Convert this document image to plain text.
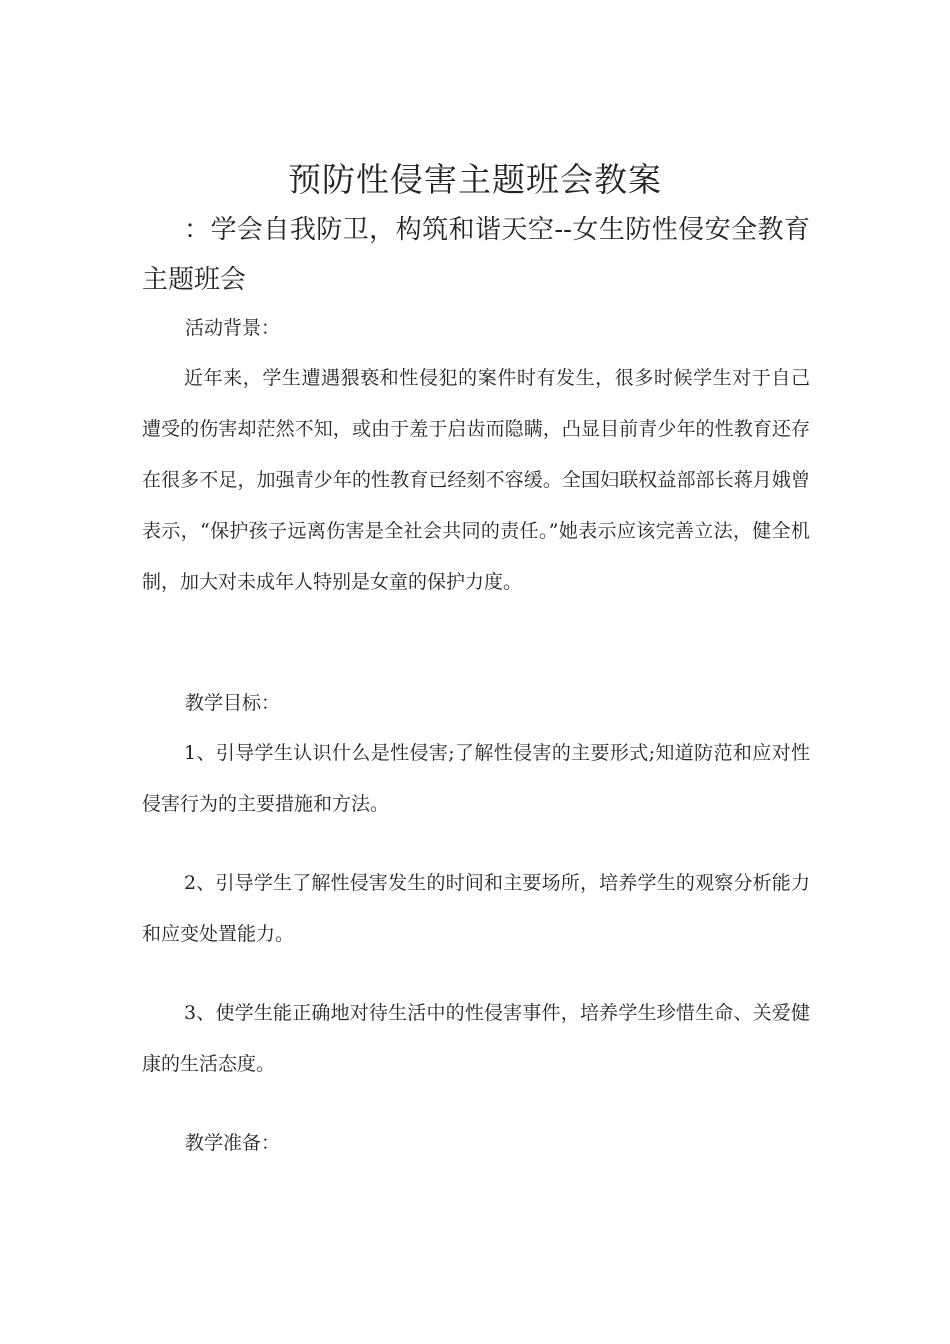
预防性侵害主题班会教案

：学会自我防卫，构筑和谐天空--女生防性侵安全教育主题班会

活动背景：

近年来，学生遭遇猥亵和性侵犯的案件时有发生，很多时候学生对于自己遭受的伤害却茫然不知，或由于羞于启齿而隐瞒，凸显目前青少年的性教育还存在很多不足，加强青少年的性教育已经刻不容缓。全国妇联权益部部长蒋月娥曾表示，“保护孩子远离伤害是全社会共同的责任。”她表示应该完善立法，健全机制，加大对未成年人特别是女童的保护力度。

教学目标：

1、引导学生认识什么是性侵害;了解性侵害的主要形式;知道防范和应对性侵害行为的主要措施和方法。

2、引导学生了解性侵害发生的时间和主要场所，培养学生的观察分析能力和应变处置能力。

3、使学生能正确地对待生活中的性侵害事件，培养学生珍惜生命、关爱健康的生活态度。

教学准备：
